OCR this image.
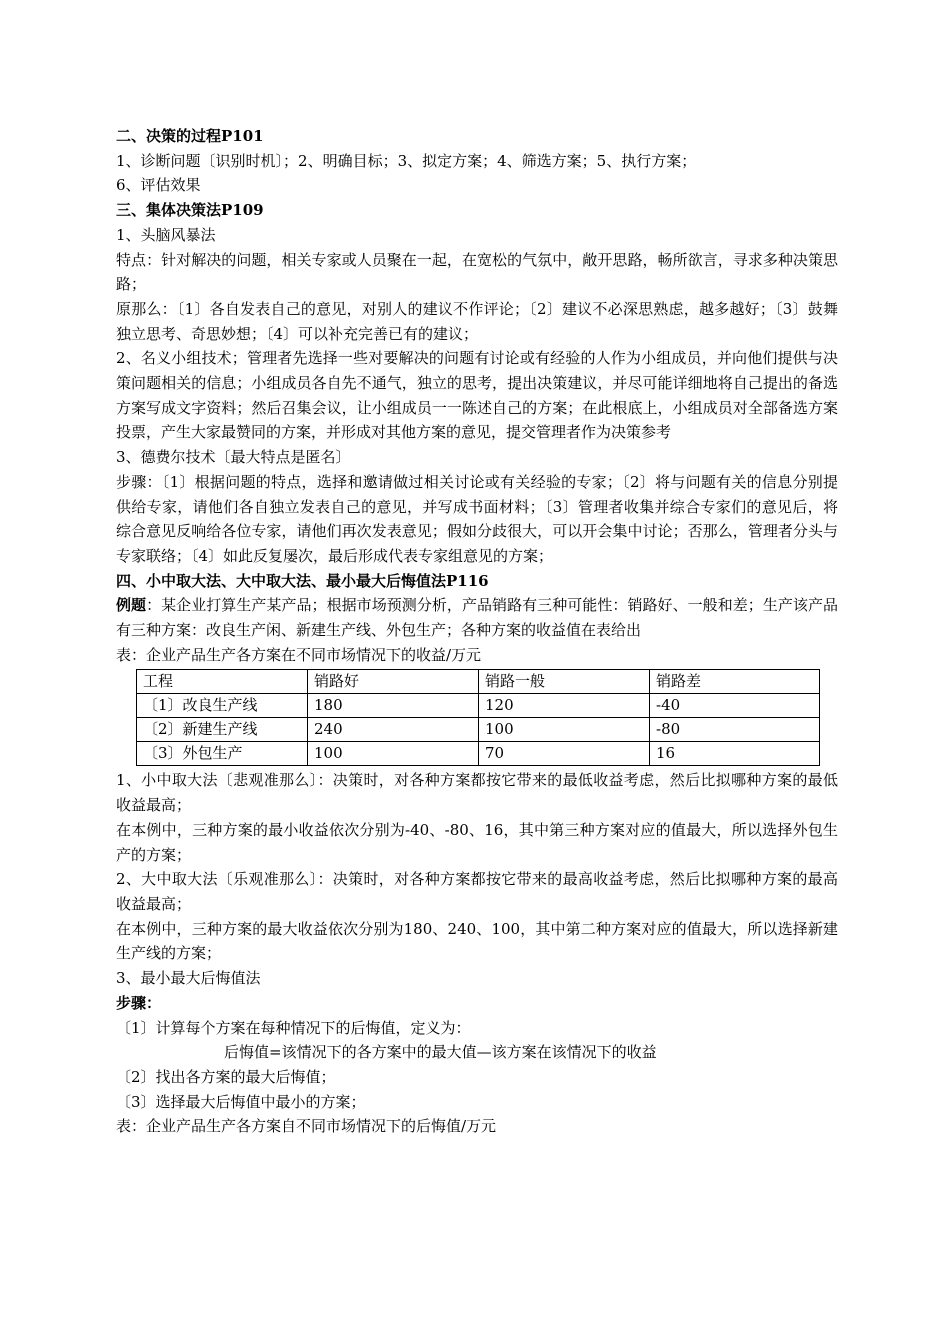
二、决策的过程P101
1、诊断问题〔识别时机〕；2、明确目标；3、拟定方案；4、筛选方案；5、执行方案；
6、评估效果
三、集体决策法P109
1、头脑风暴法
特点：针对解决的问题，相关专家或人员聚在一起，在宽松的气氛中，敞开思路，畅所欲言，寻求多种决策思路；
原那么：〔1〕各自发表自己的意见，对别人的建议不作评论；〔2〕建议不必深思熟虑，越多越好；〔3〕鼓舞独立思考、奇思妙想；〔4〕可以补充完善已有的建议；
2、名义小组技术；管理者先选择一些对要解决的问题有讨论或有经验的人作为小组成员，并向他们提供与决策问题相关的信息；小组成员各自先不通气，独立的思考，提出决策建议，并尽可能详细地将自己提出的备选方案写成文字资料；然后召集会议，让小组成员一一陈述自己的方案；在此根底上，小组成员对全部备选方案投票，产生大家最赞同的方案，并形成对其他方案的意见，提交管理者作为决策参考
3、德费尔技术〔最大特点是匿名〕
步骤：〔1〕根据问题的特点，选择和邀请做过相关讨论或有关经验的专家；〔2〕将与问题有关的信息分别提供给专家，请他们各自独立发表自己的意见，并写成书面材料；〔3〕管理者收集并综合专家们的意见后，将综合意见反响给各位专家，请他们再次发表意见；假如分歧很大，可以开会集中讨论；否那么，管理者分头与专家联络；〔4〕如此反复屡次，最后形成代表专家组意见的方案；
四、小中取大法、大中取大法、最小最大后悔值法P116
例题：某企业打算生产某产品；根据市场预测分析，产品销路有三种可能性：销路好、一般和差；生产该产品有三种方案：改良生产闲、新建生产线、外包生产；各种方案的收益值在表给出
表：企业产品生产各方案在不同市场情况下的收益/万元
工程	销路好	销路一般	销路差
〔1〕改良生产线	180	120	-40
〔2〕新建生产线	240	100	-80
〔3〕外包生产	100	70	16
1、小中取大法〔悲观准那么〕：决策时，对各种方案都按它带来的最低收益考虑，然后比拟哪种方案的最低收益最高；
在本例中，三种方案的最小收益依次分别为-40、-80、16，其中第三种方案对应的值最大，所以选择外包生产的方案；
2、大中取大法〔乐观准那么〕：决策时，对各种方案都按它带来的最高收益考虑，然后比拟哪种方案的最高收益最高；
在本例中，三种方案的最大收益依次分别为180、240、100，其中第二种方案对应的值最大，所以选择新建生产线的方案；
3、最小最大后悔值法
步骤：
〔1〕计算每个方案在每种情况下的后悔值，定义为：
后悔值=该情况下的各方案中的最大值—该方案在该情况下的收益
〔2〕找出各方案的最大后悔值；
〔3〕选择最大后悔值中最小的方案；
表：企业产品生产各方案自不同市场情况下的后悔值/万元
